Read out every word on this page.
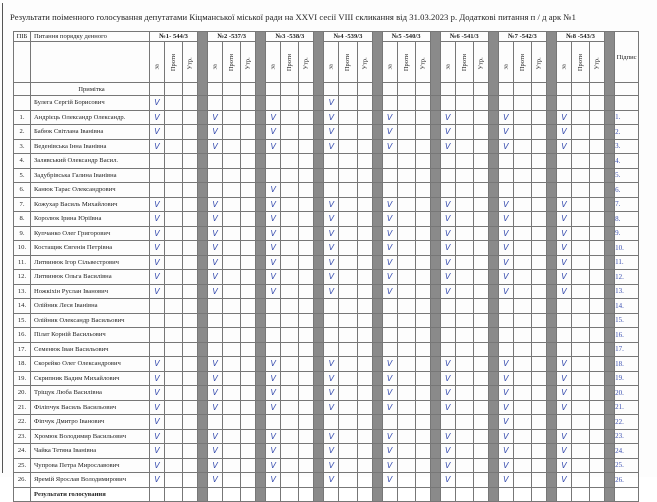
Результати поіменного голосування депутатами Кіцманської міської ради на XXVI сесії VIII скликання від 31.03.2023 р. Додаткові питання п / д арк №1
ПІБ	Питання порядку денного	№1- 544/3				№2 -537/3				№3 -538/3				№4 -539/3				№5 -540/3				№6 -541/3				№7 -542/3				№8 -543/3				Підпис

		за	Проти	Утр.		за	Проти	Утр.		за	Проти	Утр.		за	Проти	Утр.		за	Проти	Утр.		за	Проти	Утр.		за	Проти	Утр.		за	Проти	Утр.		

	Примітка																																	
	Булега Сергій Борисович	V												V																				
1.	Андрієць Олександр Олександр.	V				V				V				V				V				V				V				V				1.
2.	Бабюк Світлана Іванівна	V				V				V				V				V				V				V				V				2.
3.	Веденівська Інна Іванівна	V				V				V				V				V				V				V				V				3.
4.	Залявський Олександр Васил.																																	4.
5.	Задубрівська Галина Іванівна																																	5.
6.	Канюк Тарас Олександрович									V																								6.
7.	Кожухар Василь Михайлович	V				V				V				V				V				V				V				V				7.
8.	Королюк Ірина Юріївна	V				V				V				V				V				V				V				V				8.
9.	Купчанко Олег Григорович	V				V				V				V				V				V				V				V				9.
10.	Костащик Євгенія Петрівна	V				V				V				V				V				V				V				V				10.
11.	Литвинюк Ігор Сільвестрович	V				V				V				V				V				V				V				V				11.
12.	Литвинюк Ольга Василівна	V				V				V				V				V				V				V				V				12.
13.	Ножкіхін Руслан Іванович	V				V				V				V				V				V				V				V				13.
14.	Олійник Леся Іванівна																																	14.
15.	Олійник Олександр Васильович																																	15.
16.	Пілат Корній Васильович																																	16.
17.	Семенюк Іван Васильович																																	17.
18.	Скорейко Олег Олександрович	V				V				V				V				V				V				V				V				18.
19.	Скрипник Вадим Михайлович	V				V				V				V				V				V				V				V				19.
20.	Тріщук Люба Василівна	V				V				V				V				V				V				V				V				20.
21.	Філіпчук Василь Васильович	V				V				V				V				V				V				V				V				21.
22.	Фіпчук Дмитро Іванович	V																								V								22.
23.	Хромюк Володимир Васильович	V				V				V				V				V				V				V				V				23.
24.	Чайка Тетяна Іванівна	V				V				V				V				V				V				V				V				24.
25.	Чупрова Петра Мирославович	V				V				V				V				V				V				V				V				25.
26.	Яремій Ярослав Володимирович	V				V				V				V				V				V				V				V				26.
	Результати голосування																																	
